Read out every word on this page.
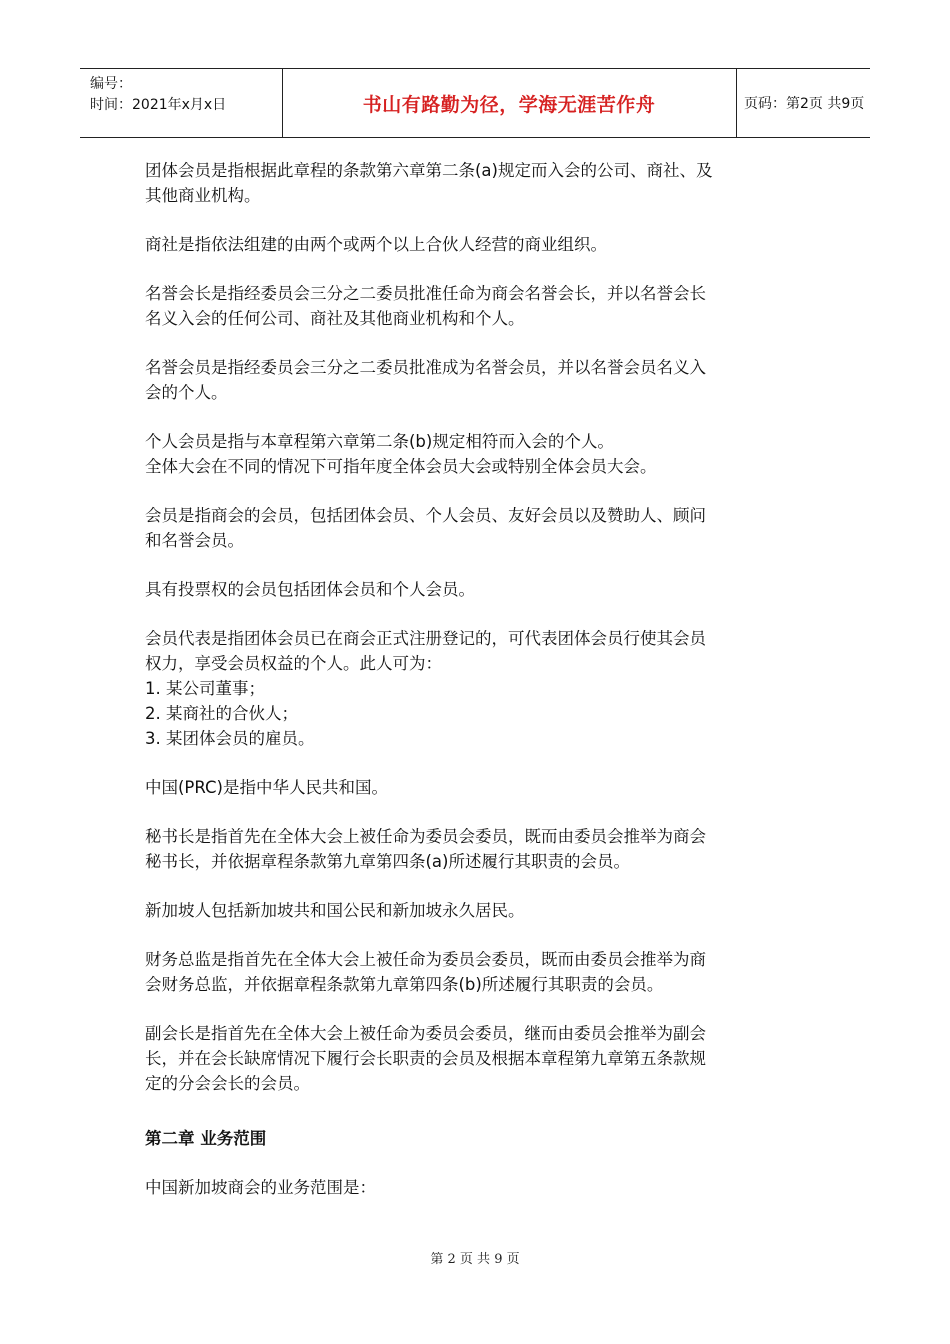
编号：
时间：2021年x月x日	书山有路勤为径，学海无涯苦作舟	页码：第2页 共9页
团体会员是指根据此章程的条款第六章第二条(a)规定而入会的公司、商社、及
其他商业机构。
商社是指依法组建的由两个或两个以上合伙人经营的商业组织。
名誉会长是指经委员会三分之二委员批准任命为商会名誉会长，并以名誉会长
名义入会的任何公司、商社及其他商业机构和个人。
名誉会员是指经委员会三分之二委员批准成为名誉会员，并以名誉会员名义入
会的个人。
个人会员是指与本章程第六章第二条(b)规定相符而入会的个人。
全体大会在不同的情况下可指年度全体会员大会或特别全体会员大会。
会员是指商会的会员，包括团体会员、个人会员、友好会员以及赞助人、顾问
和名誉会员。
具有投票权的会员包括团体会员和个人会员。
会员代表是指团体会员已在商会正式注册登记的，可代表团体会员行使其会员
权力，享受会员权益的个人。此人可为：
1. 某公司董事；
2. 某商社的合伙人；
3. 某团体会员的雇员。
中国(PRC)是指中华人民共和国。
秘书长是指首先在全体大会上被任命为委员会委员，既而由委员会推举为商会
秘书长，并依据章程条款第九章第四条(a)所述履行其职责的会员。
新加坡人包括新加坡共和国公民和新加坡永久居民。
财务总监是指首先在全体大会上被任命为委员会委员，既而由委员会推举为商
会财务总监，并依据章程条款第九章第四条(b)所述履行其职责的会员。
副会长是指首先在全体大会上被任命为委员会委员，继而由委员会推举为副会
长，并在会长缺席情况下履行会长职责的会员及根据本章程第九章第五条款规
定的分会会长的会员。
第二章 业务范围
中国新加坡商会的业务范围是：
第 2 页 共 9 页
